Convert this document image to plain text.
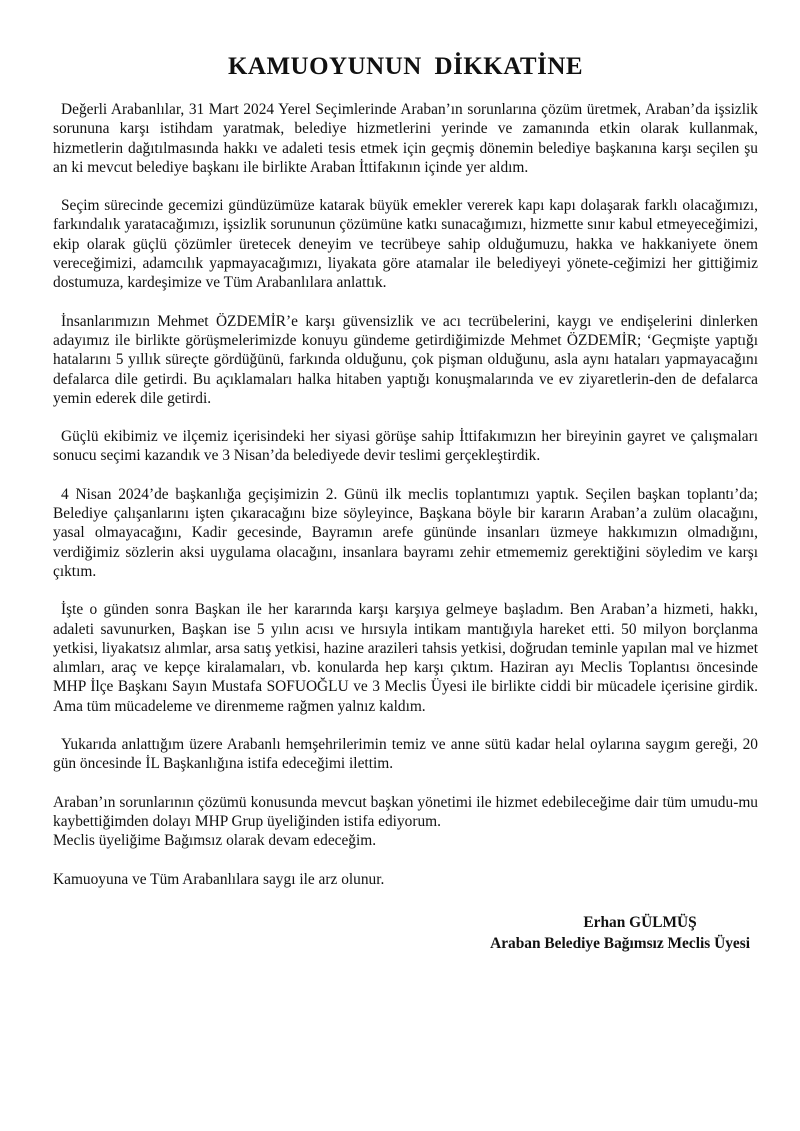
KAMUOYUNUN DİKKATİNE

Değerli Arabanlılar, 31 Mart 2024 Yerel Seçimlerinde Araban’ın sorunlarına çözüm üretmek, Araban’da işsizlik sorununa karşı istihdam yaratmak, belediye hizmetlerini yerinde ve zamanında etkin olarak kullanmak, hizmetlerin dağıtılmasında hakkı ve adaleti tesis etmek için geçmiş dönemin belediye başkanına karşı seçilen şu an ki mevcut belediye başkanı ile birlikte Araban İttifakının içinde yer aldım.

Seçim sürecinde gecemizi gündüzümüze katarak büyük emekler vererek kapı kapı dolaşarak farklı olacağımızı, farkındalık yaratacağımızı, işsizlik sorununun çözümüne katkı sunacağımızı, hizmette sınır kabul etmeyeceğimizi, ekip olarak güçlü çözümler üretecek deneyim ve tecrübeye sahip olduğumuzu, hakka ve hakkaniyete önem vereceğimizi, adamcılık yapmayacağımızı, liyakata göre atamalar ile belediyeyi yönete-ceğimizi her gittiğimiz dostumuza, kardeşimize ve Tüm Arabanlılara anlattık.

İnsanlarımızın Mehmet ÖZDEMİR’e karşı güvensizlik ve acı tecrübelerini, kaygı ve endişelerini dinlerken adayımız ile birlikte görüşmelerimizde konuyu gündeme getirdiğimizde Mehmet ÖZDEMİR; ‘Geçmişte yaptığı hatalarını 5 yıllık süreçte gördüğünü, farkında olduğunu, çok pişman olduğunu, asla aynı hataları yapmayacağını defalarca dile getirdi. Bu açıklamaları halka hitaben yaptığı konuşmalarında ve ev ziyaretlerin-den de defalarca yemin ederek dile getirdi.

Güçlü ekibimiz ve ilçemiz içerisindeki her siyasi görüşe sahip İttifakımızın her bireyinin gayret ve çalışmaları sonucu seçimi kazandık ve 3 Nisan’da belediyede devir teslimi gerçekleştirdik.

4 Nisan 2024’de başkanlığa geçişimizin 2. Günü ilk meclis toplantımızı yaptık. Seçilen başkan toplantı’da; Belediye çalışanlarını işten çıkaracağını bize söyleyince, Başkana böyle bir kararın Araban’a zulüm olacağını, yasal olmayacağını, Kadir gecesinde, Bayramın arefe gününde insanları üzmeye hakkımızın olmadığını, verdiğimiz sözlerin aksi uygulama olacağını, insanlara bayramı zehir etmememiz gerektiğini söyledim ve karşı çıktım.

İşte o günden sonra Başkan ile her kararında karşı karşıya gelmeye başladım. Ben Araban’a hizmeti, hakkı, adaleti savunurken, Başkan ise 5 yılın acısı ve hırsıyla intikam mantığıyla hareket etti. 50 milyon borçlanma yetkisi, liyakatsız alımlar, arsa satış yetkisi, hazine arazileri tahsis yetkisi, doğrudan teminle yapılan mal ve hizmet alımları, araç ve kepçe kiralamaları, vb. konularda hep karşı çıktım. Haziran ayı Meclis Toplantısı öncesinde MHP İlçe Başkanı Sayın Mustafa SOFUOĞLU ve 3 Meclis Üyesi ile birlikte ciddi bir mücadele içerisine girdik. Ama tüm mücadeleme ve direnmeme rağmen yalnız kaldım.

Yukarıda anlattığım üzere Arabanlı hemşehrilerimin temiz ve anne sütü kadar helal oylarına saygım gereği, 20 gün öncesinde İL Başkanlığına istifa edeceğimi ilettim.

Araban’ın sorunlarının çözümü konusunda mevcut başkan yönetimi ile hizmet edebileceğime dair tüm umudu-mu kaybettiğimden dolayı MHP Grup üyeliğinden istifa ediyorum.
Meclis üyeliğime Bağımsız olarak devam edeceğim.

Kamuoyuna ve Tüm Arabanlılara saygı ile arz olunur.

Erhan GÜLMÜŞ
Araban Belediye Bağımsız Meclis Üyesi
